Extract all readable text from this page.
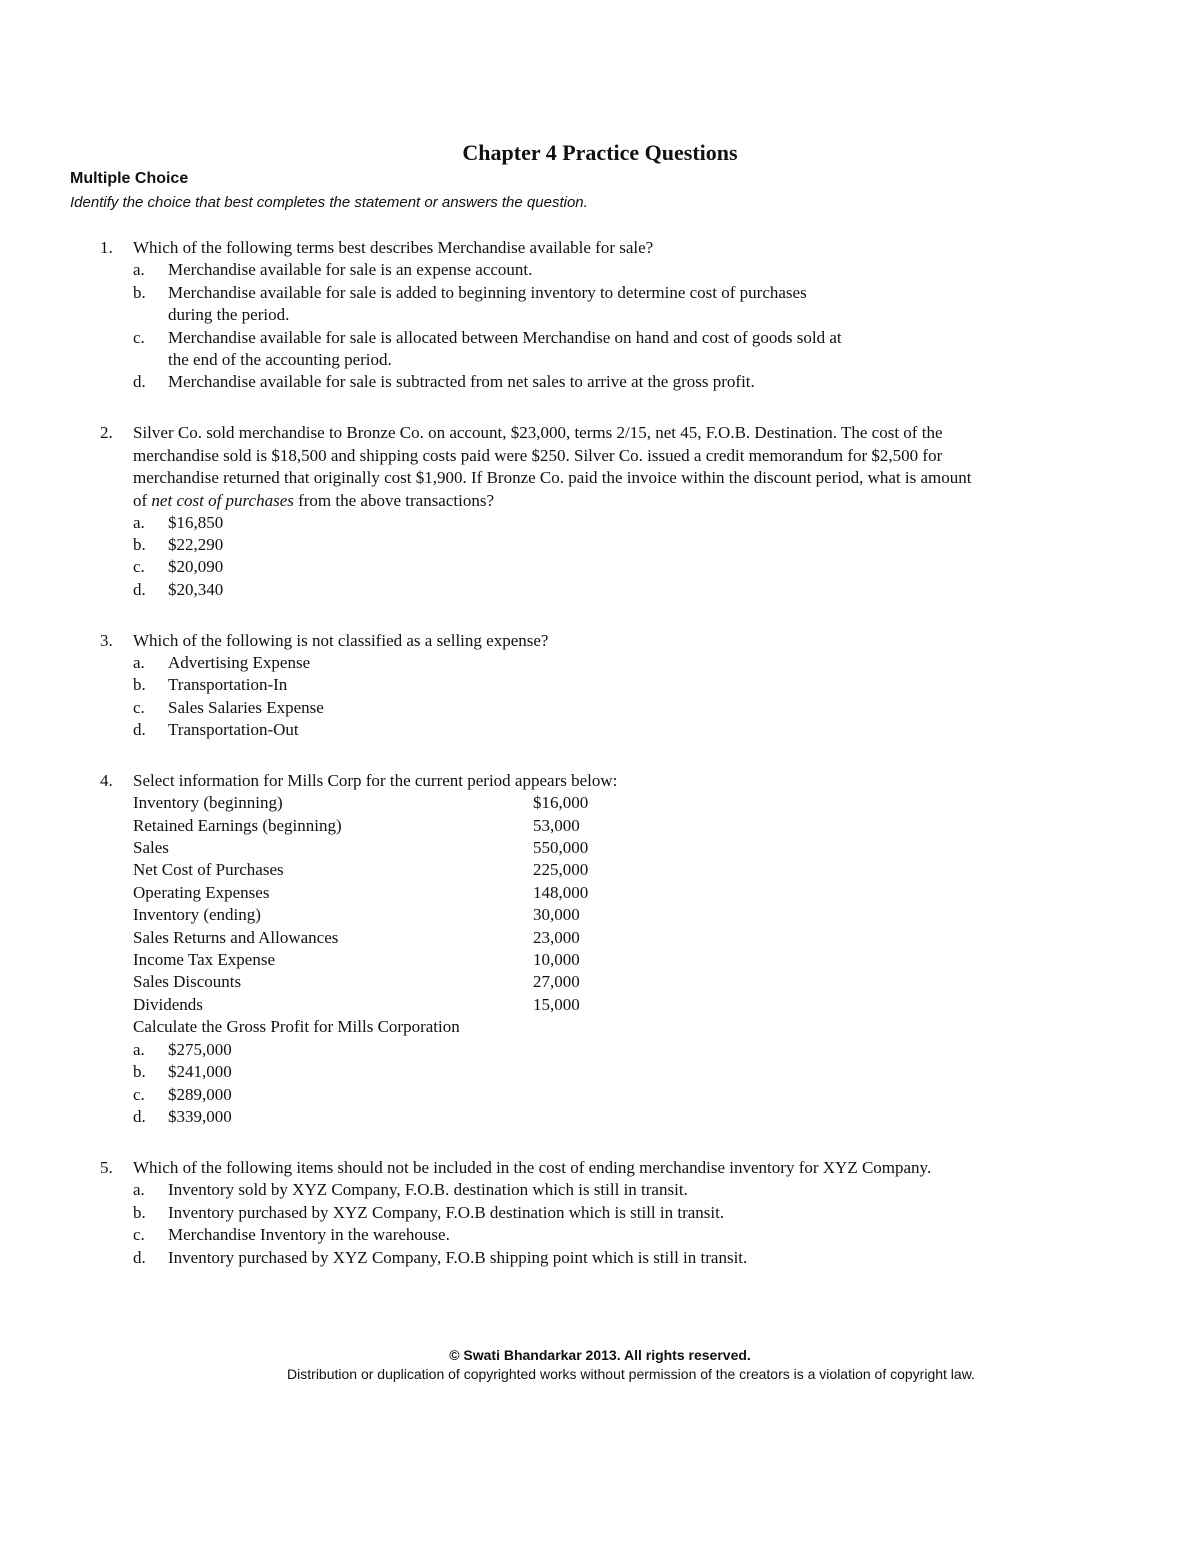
Chapter 4 Practice Questions
Multiple Choice
Identify the choice that best completes the statement or answers the question.
1. Which of the following terms best describes Merchandise available for sale?
a. Merchandise available for sale is an expense account.
b. Merchandise available for sale is added to beginning inventory to determine cost of purchases
during the period.
c. Merchandise available for sale is allocated between Merchandise on hand and cost of goods sold at
the end of the accounting period.
d. Merchandise available for sale is subtracted from net sales to arrive at the gross profit.
2. Silver Co. sold merchandise to Bronze Co. on account, $23,000, terms 2/15, net 45, F.O.B. Destination. The cost of the
merchandise sold is $18,500 and shipping costs paid were $250. Silver Co. issued a credit memorandum for $2,500 for
merchandise returned that originally cost $1,900. If Bronze Co. paid the invoice within the discount period, what is amount
of net cost of purchases from the above transactions?
a. $16,850
b. $22,290
c. $20,090
d. $20,340
3. Which of the following is not classified as a selling expense?
a. Advertising Expense
b. Transportation-In
c. Sales Salaries Expense
d. Transportation-Out
4. Select information for Mills Corp for the current period appears below:
Inventory (beginning)	$16,000
Retained Earnings (beginning)	53,000
Sales	550,000
Net Cost of Purchases	225,000
Operating Expenses	148,000
Inventory (ending)	30,000
Sales Returns and Allowances	23,000
Income Tax Expense	10,000
Sales Discounts	27,000
Dividends	15,000
Calculate the Gross Profit for Mills Corporation
a. $275,000
b. $241,000
c. $289,000
d. $339,000
5. Which of the following items should not be included in the cost of ending merchandise inventory for XYZ Company.
a. Inventory sold by XYZ Company, F.O.B. destination which is still in transit.
b. Inventory purchased by XYZ Company, F.O.B destination which is still in transit.
c. Merchandise Inventory in the warehouse.
d. Inventory purchased by XYZ Company, F.O.B shipping point which is still in transit.
© Swati Bhandarkar 2013. All rights reserved.
Distribution or duplication of copyrighted works without permission of the creators is a violation of copyright law.
